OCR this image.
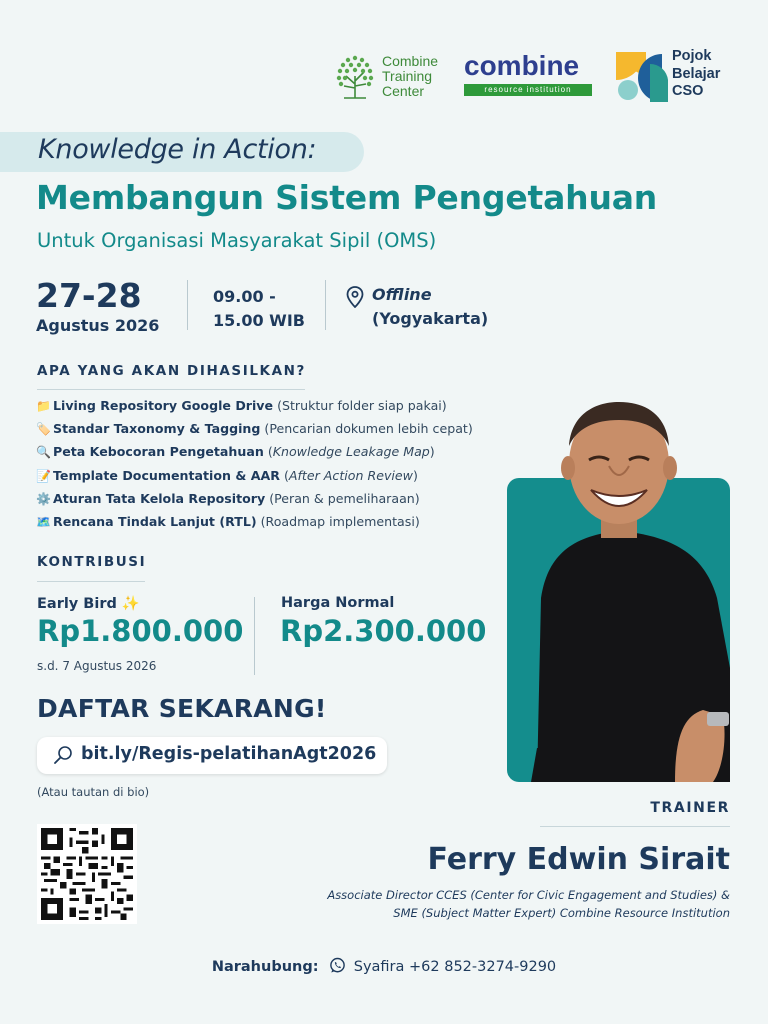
Combine
Training
Center
combine
resource institution
Pojok
Belajar
CSO
Knowledge in Action:
Membangun Sistem Pengetahuan
Untuk Organisasi Masyarakat Sipil (OMS)
27-28
Agustus 2026
09.00 -
15.00 WIB
Offline
(Yogyakarta)
APA YANG AKAN DIHASILKAN?
📁 Living Repository Google Drive (Struktur folder siap pakai)
🏷️ Standar Taxonomy & Tagging (Pencarian dokumen lebih cepat)
🔍 Peta Kebocoran Pengetahuan (Knowledge Leakage Map)
📝 Template Documentation & AAR (After Action Review)
⚙️ Aturan Tata Kelola Repository (Peran & pemeliharaan)
🗺️ Rencana Tindak Lanjut (RTL) (Roadmap implementasi)
KONTRIBUSI
Early Bird ✨
Rp1.800.000
s.d. 7 Agustus 2026
Harga Normal
Rp2.300.000
DAFTAR SEKARANG!
bit.ly/Regis-pelatihanAgt2026
(Atau tautan di bio)
TRAINER
Ferry Edwin Sirait
Associate Director CCES (Center for Civic Engagement and Studies) &
SME (Subject Matter Expert) Combine Resource Institution
Narahubung: Syafira +62 852-3274-9290
